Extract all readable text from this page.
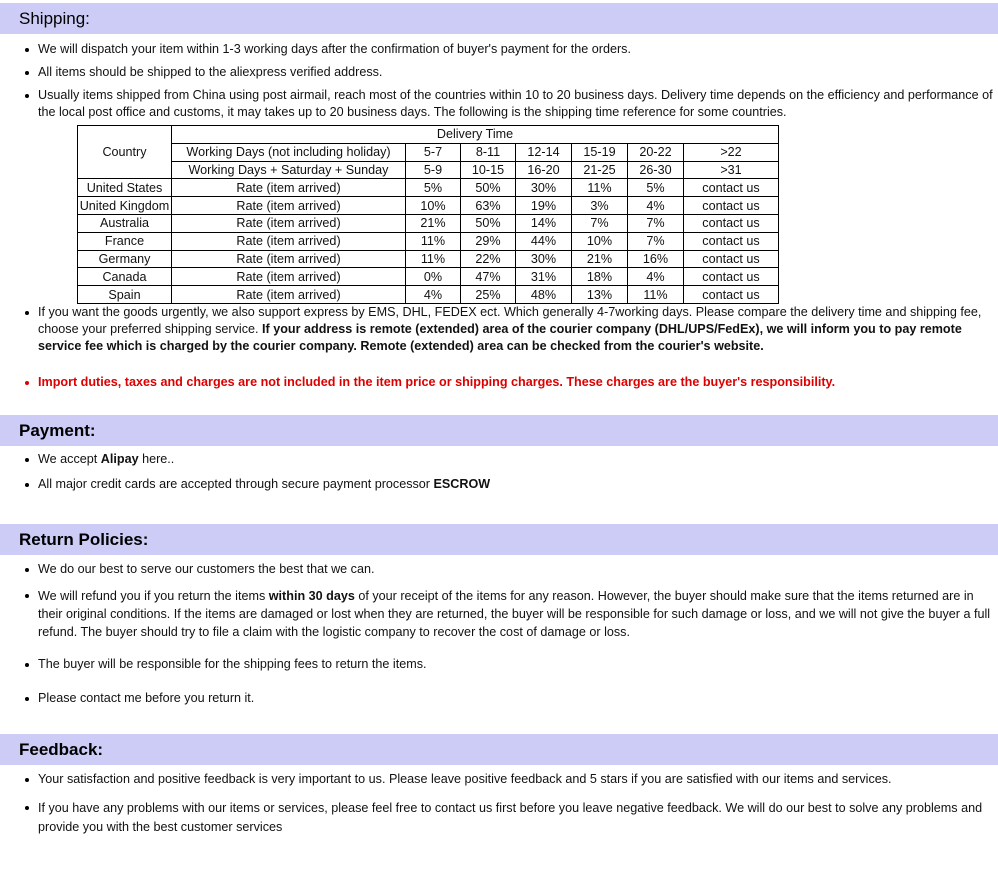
Shipping:
We will dispatch your item within 1-3 working days after the confirmation of buyer's payment for the orders.
All items should be shipped to the aliexpress verified address.
Usually items shipped from China using post airmail, reach most of the countries within 10 to 20 business days. Delivery time depends on the efficiency and performance of the local post office and customs, it may takes up to 20 business days. The following is the shipping time reference for some countries.
Country	Delivery Time						
	Working Days (not including holiday)	5-7	8-11	12-14	15-19	20-22	>22
	Working Days + Saturday + Sunday	5-9	10-15	16-20	21-25	26-30	>31
United States	Rate (item arrived)	5%	50%	30%	11%	5%	contact us
United Kingdom	Rate (item arrived)	10%	63%	19%	3%	4%	contact us
Australia	Rate (item arrived)	21%	50%	14%	7%	7%	contact us
France	Rate (item arrived)	11%	29%	44%	10%	7%	contact us
Germany	Rate (item arrived)	11%	22%	30%	21%	16%	contact us
Canada	Rate (item arrived)	0%	47%	31%	18%	4%	contact us
Spain	Rate (item arrived)	4%	25%	48%	13%	11%	contact us
If you want the goods urgently, we also support express by EMS, DHL, FEDEX ect. Which generally 4-7working days. Please compare the delivery time and shipping fee, choose your preferred shipping service. If your address is remote (extended) area of the courier company (DHL/UPS/FedEx), we will inform you to pay remote service fee which is charged by the courier company. Remote (extended) area can be checked from the courier's website.
Import duties, taxes and charges are not included in the item price or shipping charges. These charges are the buyer's responsibility.
Payment:
We accept Alipay here..
All major credit cards are accepted through secure payment processor ESCROW
Return Policies:
We do our best to serve our customers the best that we can.
We will refund you if you return the items within 30 days of your receipt of the items for any reason. However, the buyer should make sure that the items returned are in their original conditions. If the items are damaged or lost when they are returned, the buyer will be responsible for such damage or loss, and we will not give the buyer a full refund. The buyer should try to file a claim with the logistic company to recover the cost of damage or loss.
The buyer will be responsible for the shipping fees to return the items.
Please contact me before you return it.
Feedback:
Your satisfaction and positive feedback is very important to us. Please leave positive feedback and 5 stars if you are satisfied with our items and services.
If you have any problems with our items or services, please feel free to contact us first before you leave negative feedback. We will do our best to solve any problems and provide you with the best customer services
